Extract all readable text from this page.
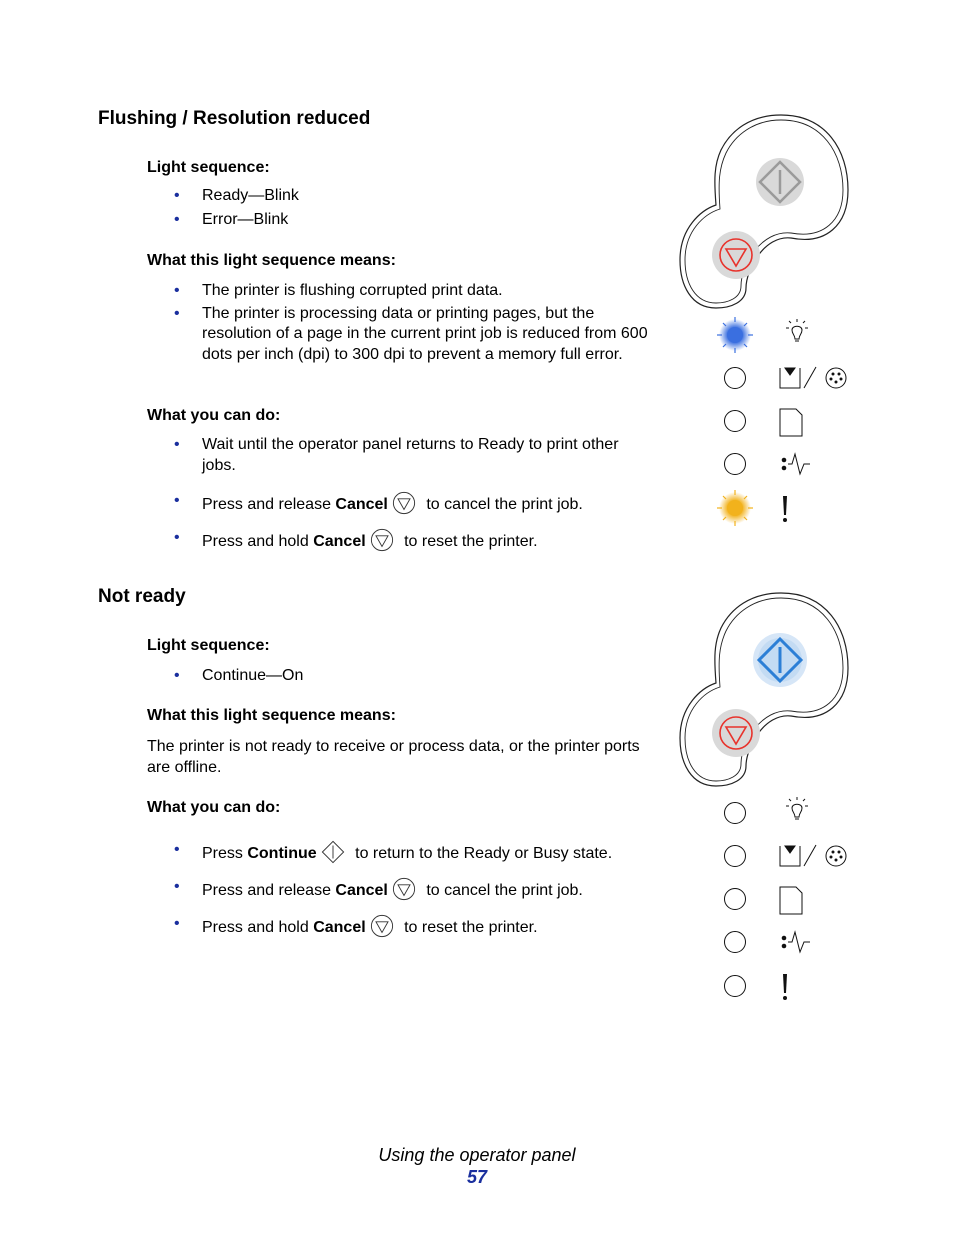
Flushing / Resolution reduced
Light sequence:
• Ready—Blink
• Error—Blink
What this light sequence means:
• The printer is flushing corrupted print data.
• The printer is processing data or printing pages, but the resolution of a page in the current print job is reduced from 600 dots per inch (dpi) to 300 dpi to prevent a memory full error.
What you can do:
• Wait until the operator panel returns to Ready to print other jobs.
• Press and release Cancel to cancel the print job.
• Press and hold Cancel to reset the printer.
Not ready
Light sequence:
• Continue—On
What this light sequence means:
The printer is not ready to receive or process data, or the printer ports are offline.
What you can do:
• Press Continue to return to the Ready or Busy state.
• Press and release Cancel to cancel the print job.
• Press and hold Cancel to reset the printer.
Using the operator panel
57
